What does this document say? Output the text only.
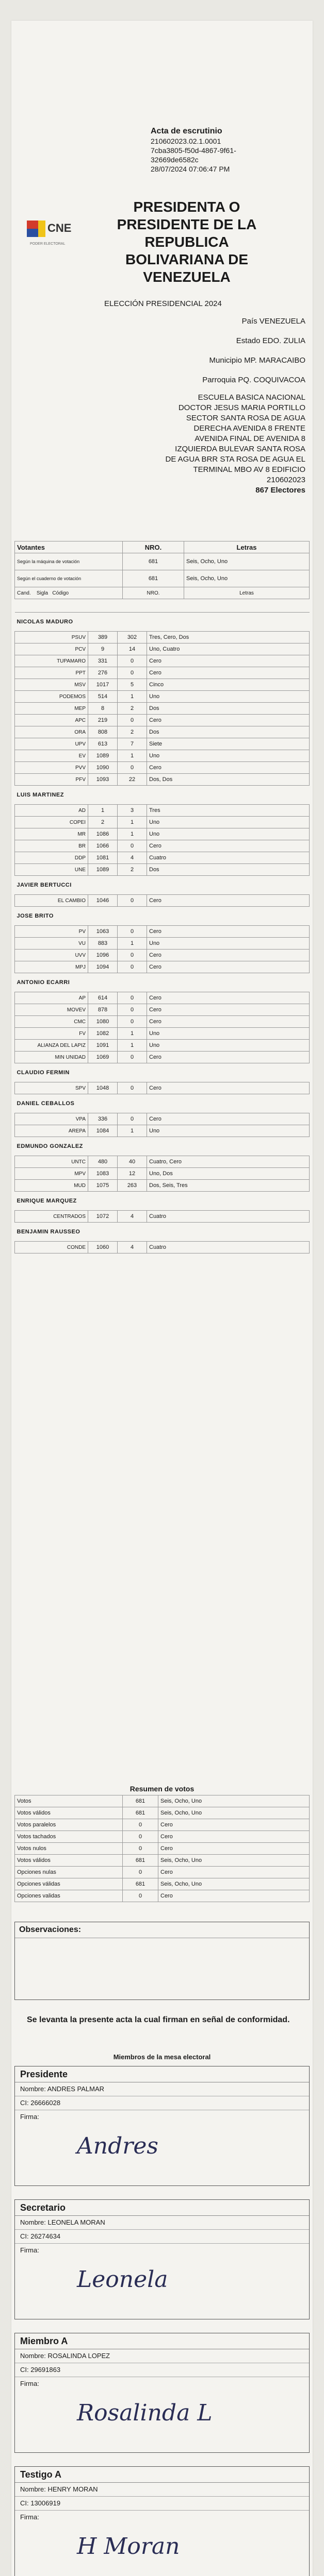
CNE
PODER ELECTORAL
Acta de escrutinio
210602023.02.1.0001
7cba3805-f50d-4867-9f61-
32669de6582c
28/07/2024 07:06:47 PM
PRESIDENTA O
PRESIDENTE DE LA
REPUBLICA
BOLIVARIANA DE
VENEZUELA
ELECCIÓN PRESIDENCIAL 2024
País VENEZUELA
Estado EDO. ZULIA
Municipio MP. MARACAIBO
Parroquia PQ. COQUIVACOA
ESCUELA BASICA NACIONAL
DOCTOR JESUS MARIA PORTILLO
SECTOR SANTA ROSA DE AGUA
DERECHA AVENIDA 8 FRENTE
AVENIDA FINAL DE AVENIDA 8
IZQUIERDA BULEVAR SANTA ROSA
DE AGUA BRR STA ROSA DE AGUA EL
TERMINAL MBO AV 8 EDIFICIO
210602023
867 Electores
Votantes	NRO.	Letras
Según la máquina de votación	681	Seis, Ocho, Uno
Según el cuaderno de votación	681	Seis, Ocho, Uno
Cand. Sigla Código	NRO.	Letras
NICOLAS MADURO				
	PSUV	389	302	Tres, Cero, Dos
	PCV	9	14	Uno, Cuatro
	TUPAMARO	331	0	Cero
	PPT	276	0	Cero
	MSV	1017	5	Cinco
	PODEMOS	514	1	Uno
	MEP	8	2	Dos
	APC	219	0	Cero
	ORA	808	2	Dos
	UPV	613	7	Siete
	EV	1089	1	Uno
	PVV	1090	0	Cero
	PFV	1093	22	Dos, Dos
LUIS MARTINEZ				
	AD	1	3	Tres
	COPEI	2	1	Uno
	MR	1086	1	Uno
	BR	1066	0	Cero
	DDP	1081	4	Cuatro
	UNE	1089	2	Dos
JAVIER BERTUCCI				
	EL CAMBIO	1046	0	Cero
JOSE BRITO				
	PV	1063	0	Cero
	VU	883	1	Uno
	UVV	1096	0	Cero
	MPJ	1094	0	Cero
ANTONIO ECARRI				
	AP	614	0	Cero
	MOVEV	878	0	Cero
	CMC	1080	0	Cero
	FV	1082	1	Uno
	ALIANZA DEL LAPIZ	1091	1	Uno
	MIN UNIDAD	1069	0	Cero
CLAUDIO FERMIN				
	SPV	1048	0	Cero
DANIEL CEBALLOS				
	VPA	336	0	Cero
	AREPA	1084	1	Uno
EDMUNDO GONZALEZ				
	UNTC	480	40	Cuatro, Cero
	MPV	1083	12	Uno, Dos
	MUD	1075	263	Dos, Seis, Tres
ENRIQUE MARQUEZ				
	CENTRADOS	1072	4	Cuatro
BENJAMIN RAUSSEO				
	CONDE	1060	4	Cuatro
Resumen de votos
Votos	681	Seis, Ocho, Uno
Votos válidos	681	Seis, Ocho, Uno
Votos paralelos	0	Cero
Votos tachados	0	Cero
Votos nulos	0	Cero
Votos válidos	681	Seis, Ocho, Uno
Opciones nulas	0	Cero
Opciones válidas	681	Seis, Ocho, Uno
Opciones validas	0	Cero
Observaciones:
Se levanta la presente acta la cual firman en señal de conformidad.
Miembros de la mesa electoral
Presidente
Nombre: ANDRES PALMAR
CI: 26666028
Firma:
Andres
Secretario
Nombre: LEONELA MORAN
CI: 26274634
Firma:
Leonela
Miembro A
Nombre: ROSALINDA LOPEZ
CI: 29691863
Firma:
Rosalinda L
Testigo A
Nombre: HENRY MORAN
CI: 13006919
Firma:
H Moran
